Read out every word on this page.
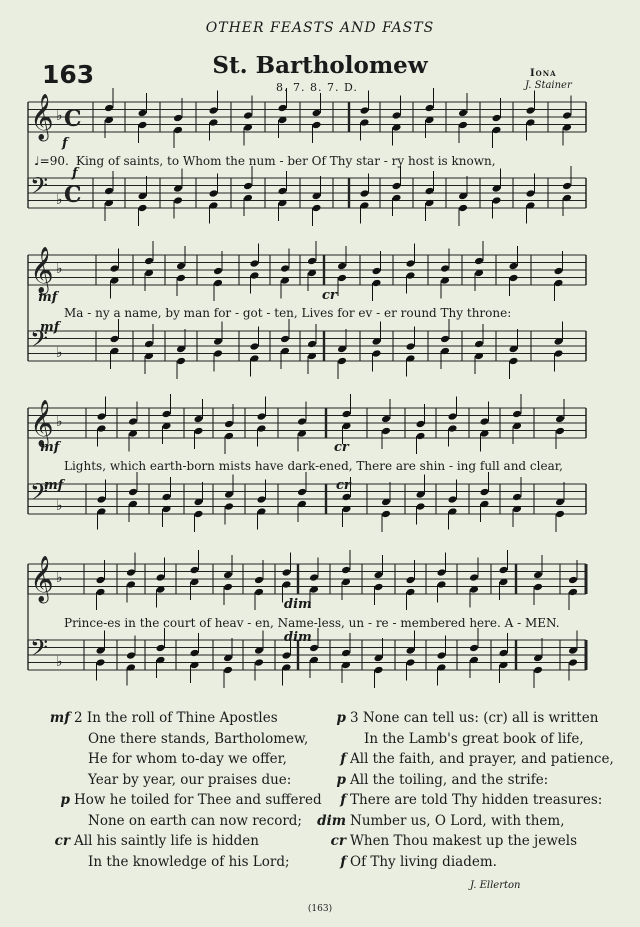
OTHER FEASTS AND FASTS
163	St. Bartholomew
8. 7. 8. 7. D.
Iona
J. Stainer
𝄞 ♭ C
𝄢 ♭ C
𝄞 ♭
𝄢 ♭
𝄞 ♭
𝄢 ♭
𝄞 ♭
𝄢 ♭
♩=90. King of saints, to Whom the num - ber Of Thy star - ry host is known,
Ma - ny a name, by man for - got - ten, Lives for ev - er round Thy throne:
Lights, which earth-born mists have dark-ened, There are shin - ing full and clear,
Prince-es in the court of heav - en, Name-less, un - re - membered here. A - MEN.
f
f
mf	cr
mf
mf	cr
mf	cr
dim
dim
mf 2 In the roll of Thine Apostles
One there stands, Bartholomew,
He for whom to-day we offer,
Year by year, our praises due:
p How he toiled for Thee and suffered
None on earth can now record;
cr All his saintly life is hidden
In the knowledge of his Lord;
p 3 None can tell us: (cr) all is written
In the Lamb's great book of life,
f All the faith, and prayer, and patience,
p All the toiling, and the strife:
f There are told Thy hidden treasures:
dim Number us, O Lord, with them,
cr When Thou makest up the jewels
f Of Thy living diadem.
J. Ellerton
(163)
